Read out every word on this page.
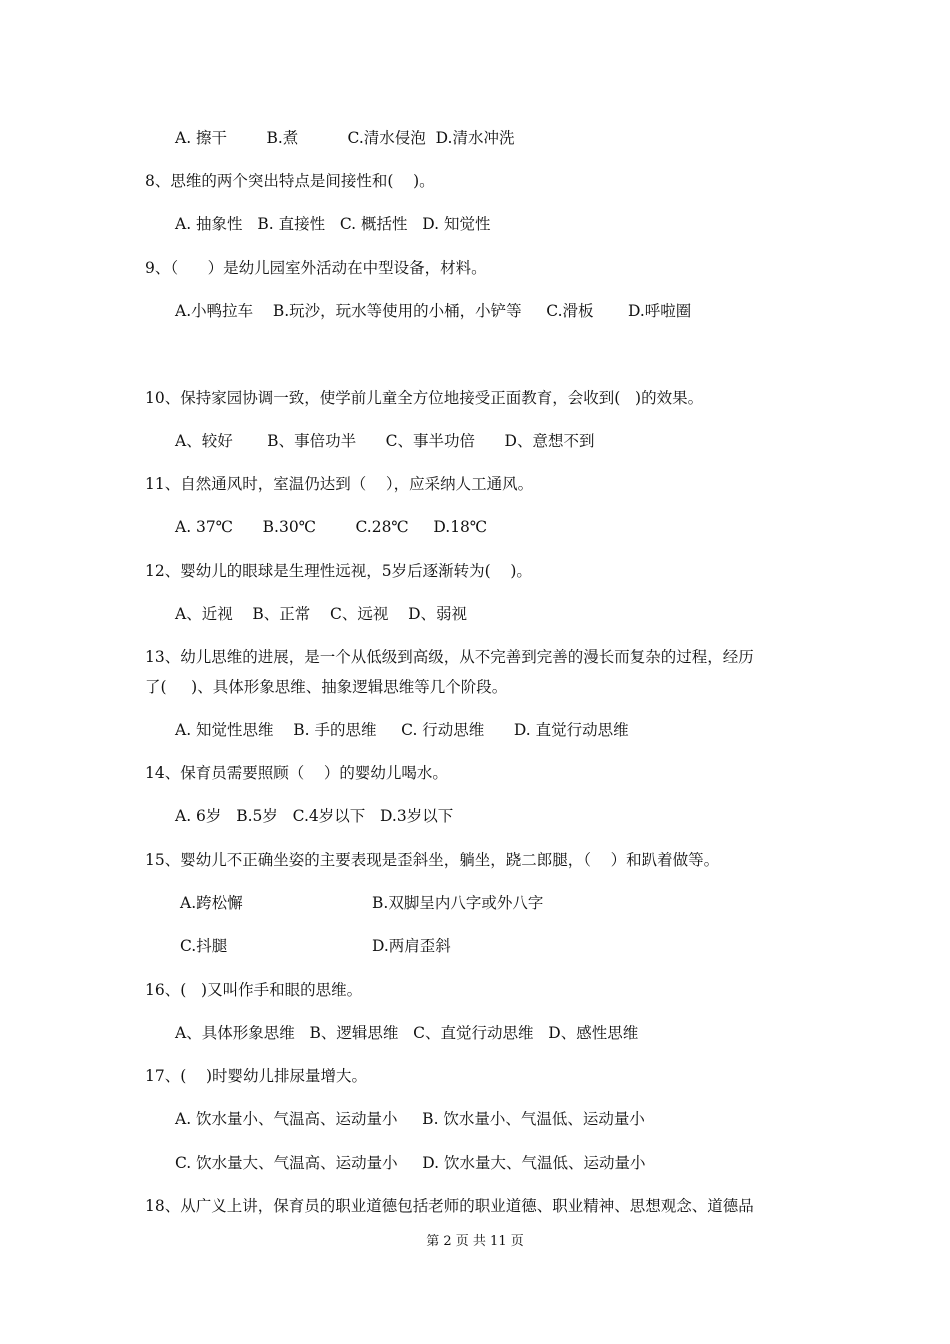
A. 擦干        B.煮          C.清水侵泡  D.清水冲洗
8、思维的两个突出特点是间接性和(    )。
A. 抽象性   B. 直接性   C. 概括性   D. 知觉性
9、（      ）是幼儿园室外活动在中型设备，材料。
A.小鸭拉车    B.玩沙，玩水等使用的小桶，小铲等     C.滑板       D.呼啦圈
10、保持家园协调一致，使学前儿童全方位地接受正面教育，会收到(   )的效果。
A、较好       B、事倍功半      C、事半功倍      D、意想不到
11、自然通风时，室温仍达到（    ），应采纳人工通风。
A. 37℃      B.30℃        C.28℃     D.18℃
12、婴幼儿的眼球是生理性远视，5岁后逐渐转为(    )。
A、近视    B、正常    C、远视    D、弱视
13、幼儿思维的进展，是一个从低级到高级，从不完善到完善的漫长而复杂的过程，经历
了(     )、具体形象思维、抽象逻辑思维等几个阶段。
A. 知觉性思维    B. 手的思维     C. 行动思维      D. 直觉行动思维
14、保育员需要照顾（    ）的婴幼儿喝水。
A. 6岁   B.5岁   C.4岁以下   D.3岁以下
15、婴幼儿不正确坐姿的主要表现是歪斜坐，躺坐，跷二郎腿，（    ）和趴着做等。
A.跨松懈	B.双脚呈内八字或外八字
C.抖腿	D.两肩歪斜
16、(   )又叫作手和眼的思维。
A、具体形象思维   B、逻辑思维   C、直觉行动思维   D、感性思维
17、(    )时婴幼儿排尿量增大。
A. 饮水量小、气温高、运动量小     B. 饮水量小、气温低、运动量小
C. 饮水量大、气温高、运动量小     D. 饮水量大、气温低、运动量小
18、从广义上讲，保育员的职业道德包括老师的职业道德、职业精神、思想观念、道德品
第 2 页 共 11 页
